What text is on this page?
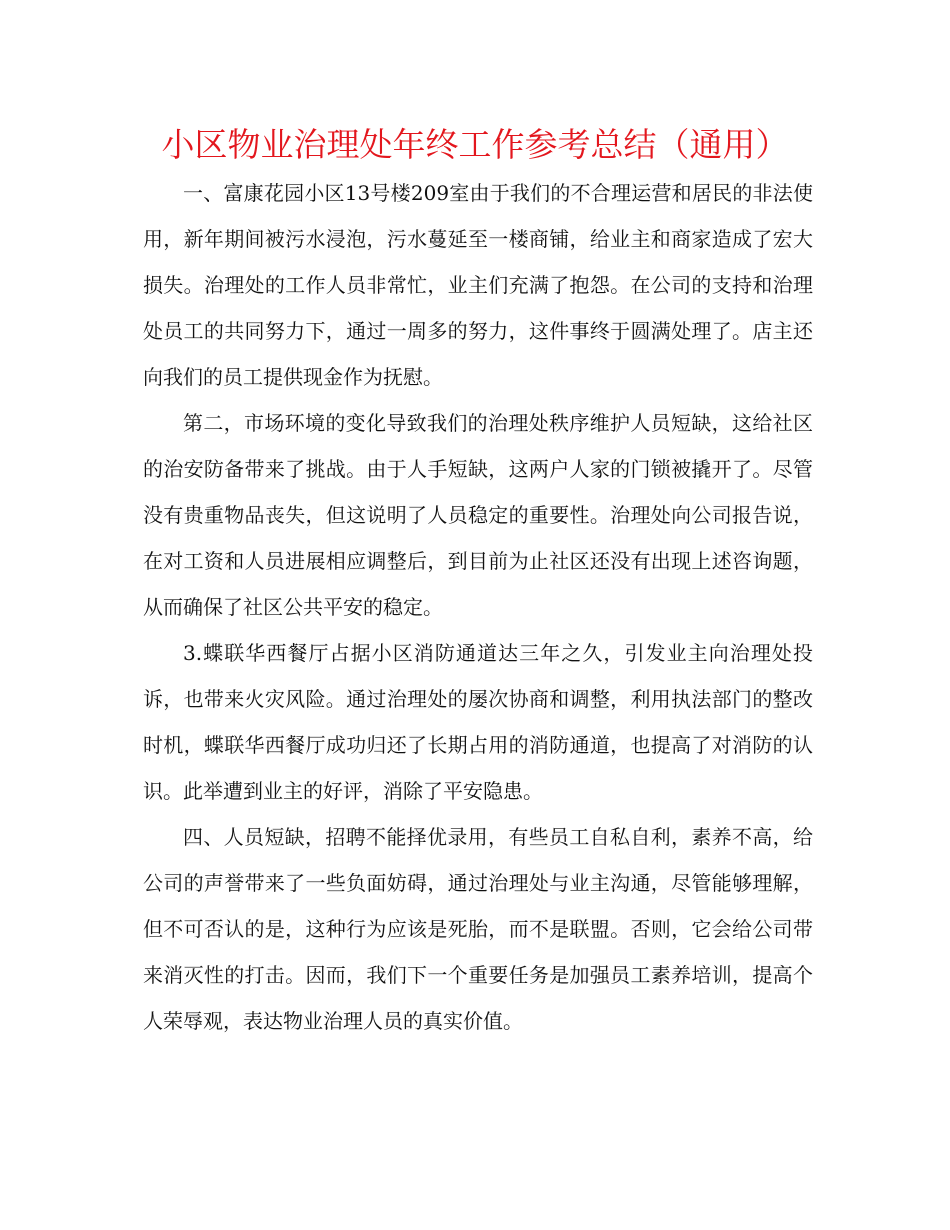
小区物业治理处年终工作参考总结（通用）

一、富康花园小区13号楼209室由于我们的不合理运营和居民的非法使用，新年期间被污水浸泡，污水蔓延至一楼商铺，给业主和商家造成了宏大损失。治理处的工作人员非常忙，业主们充满了抱怨。在公司的支持和治理处员工的共同努力下，通过一周多的努力，这件事终于圆满处理了。店主还向我们的员工提供现金作为抚慰。

第二，市场环境的变化导致我们的治理处秩序维护人员短缺，这给社区的治安防备带来了挑战。由于人手短缺，这两户人家的门锁被撬开了。尽管没有贵重物品丧失，但这说明了人员稳定的重要性。治理处向公司报告说，在对工资和人员进展相应调整后，到目前为止社区还没有出现上述咨询题，从而确保了社区公共平安的稳定。

3.蝶联华西餐厅占据小区消防通道达三年之久，引发业主向治理处投诉，也带来火灾风险。通过治理处的屡次协商和调整，利用执法部门的整改时机，蝶联华西餐厅成功归还了长期占用的消防通道，也提高了对消防的认识。此举遭到业主的好评，消除了平安隐患。

四、人员短缺，招聘不能择优录用，有些员工自私自利，素养不高，给公司的声誉带来了一些负面妨碍，通过治理处与业主沟通，尽管能够理解，但不可否认的是，这种行为应该是死胎，而不是联盟。否则，它会给公司带来消灭性的打击。因而，我们下一个重要任务是加强员工素养培训，提高个人荣辱观，表达物业治理人员的真实价值。
